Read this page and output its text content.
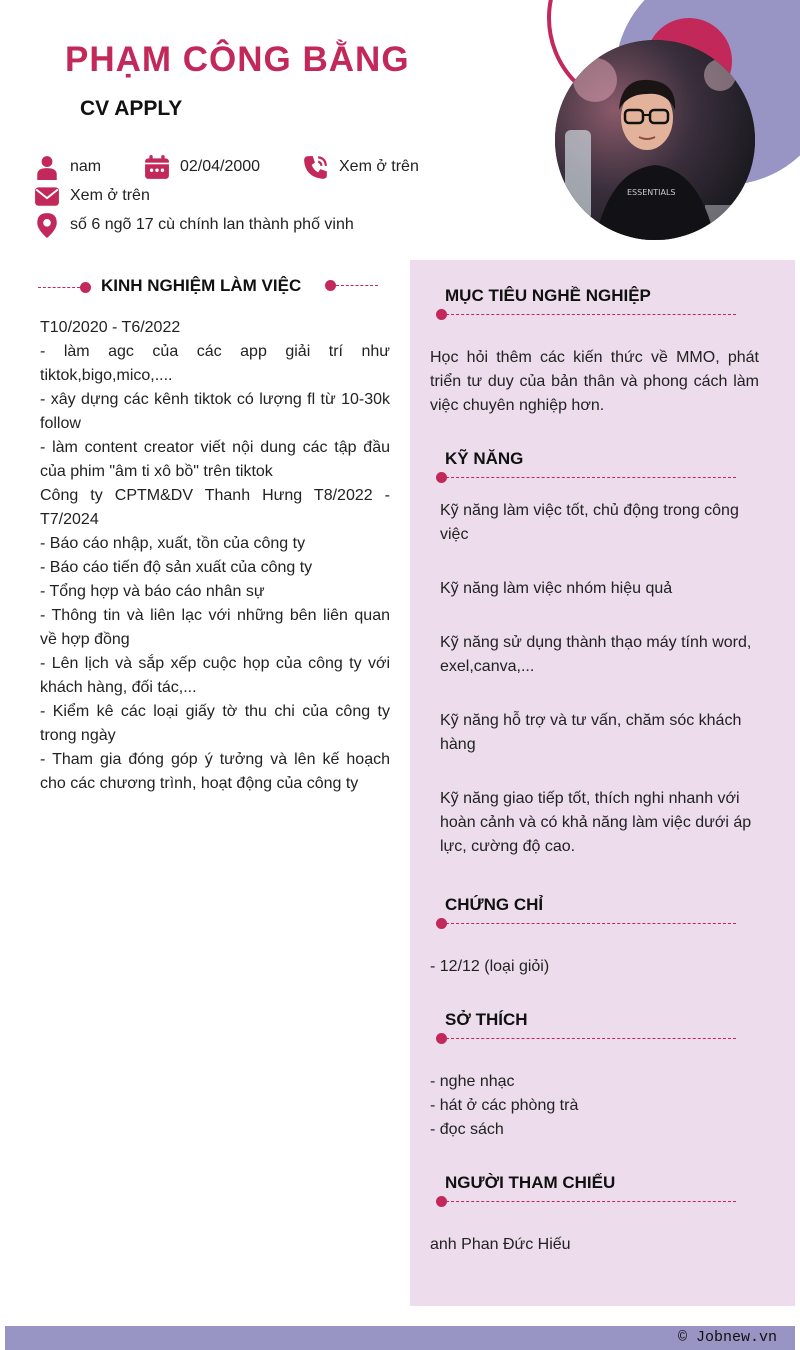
ESSENTIALS
PHẠM CÔNG BẰNG
CV APPLY
nam	02/04/2000	Xem ở trên
Xem ở trên
số 6 ngõ 17 cù chính lan thành phố vinh
KINH NGHIỆM LÀM VIỆC

T10/2020 - T6/2022

- làm agc của các app giải trí như tiktok,bigo,mico,....

- xây dựng các kênh tiktok có lượng fl từ 10-30k follow

- làm content creator viết nội dung các tập đầu của phim "âm ti xô bồ" trên tiktok

Công ty CPTM&DV Thanh Hưng T8/2022 - T7/2024

- Báo cáo nhập, xuất, tồn của công ty

- Báo cáo tiến độ sản xuất của công ty

- Tổng hợp và báo cáo nhân sự

- Thông tin và liên lạc với những bên liên quan về hợp đồng

- Lên lịch và sắp xếp cuộc họp của công ty với khách hàng, đối tác,...

- Kiểm kê các loại giấy tờ thu chi của công ty trong ngày

- Tham gia đóng góp ý tưởng và lên kế hoạch cho các chương trình, hoạt động của công ty

MỤC TIÊU NGHỀ NGHIỆP
Học hỏi thêm các kiến thức về MMO, phát triển tư duy của bản thân và phong cách làm việc chuyên nghiệp hơn.
KỸ NĂNG
Kỹ năng làm việc tốt, chủ động trong công việc
Kỹ năng làm việc nhóm hiệu quả
Kỹ năng sử dụng thành thạo máy tính word, exel,canva,...
Kỹ năng hỗ trợ và tư vấn, chăm sóc khách hàng
Kỹ năng giao tiếp tốt, thích nghi nhanh với hoàn cảnh và có khả năng làm việc dưới áp lực, cường độ cao.
CHỨNG CHỈ
- 12/12 (loại giỏi)
SỞ THÍCH
- nghe nhạc
- hát ở các phòng trà
- đọc sách
NGƯỜI THAM CHIẾU
anh Phan Đức Hiếu
© Jobnew.vn
